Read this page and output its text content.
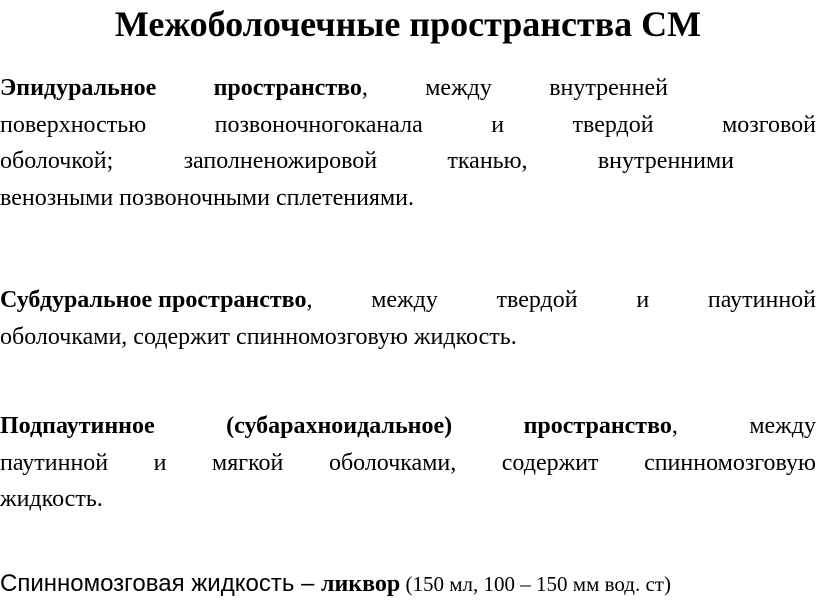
Межоболочечные пространства СМ
Эпидуральное пространство, между внутренней
поверхностью	позвоночногоканала	и	твердой	мозговой
оболочкой;	заполненожировой	тканью,	внутренними
венозными позвоночными сплетениями.
Субдуральное пространство, между твердой и паутинной
оболочками, содержит спинномозговую жидкость.
Подпаутинное	(субарахноидальное)	пространство,	между
паутинной и мягкой оболочками, содержит спинномозговую
жидкость.
Спинномозговая жидкость – ликвор (150 мл, 100 – 150 мм вод. ст)
